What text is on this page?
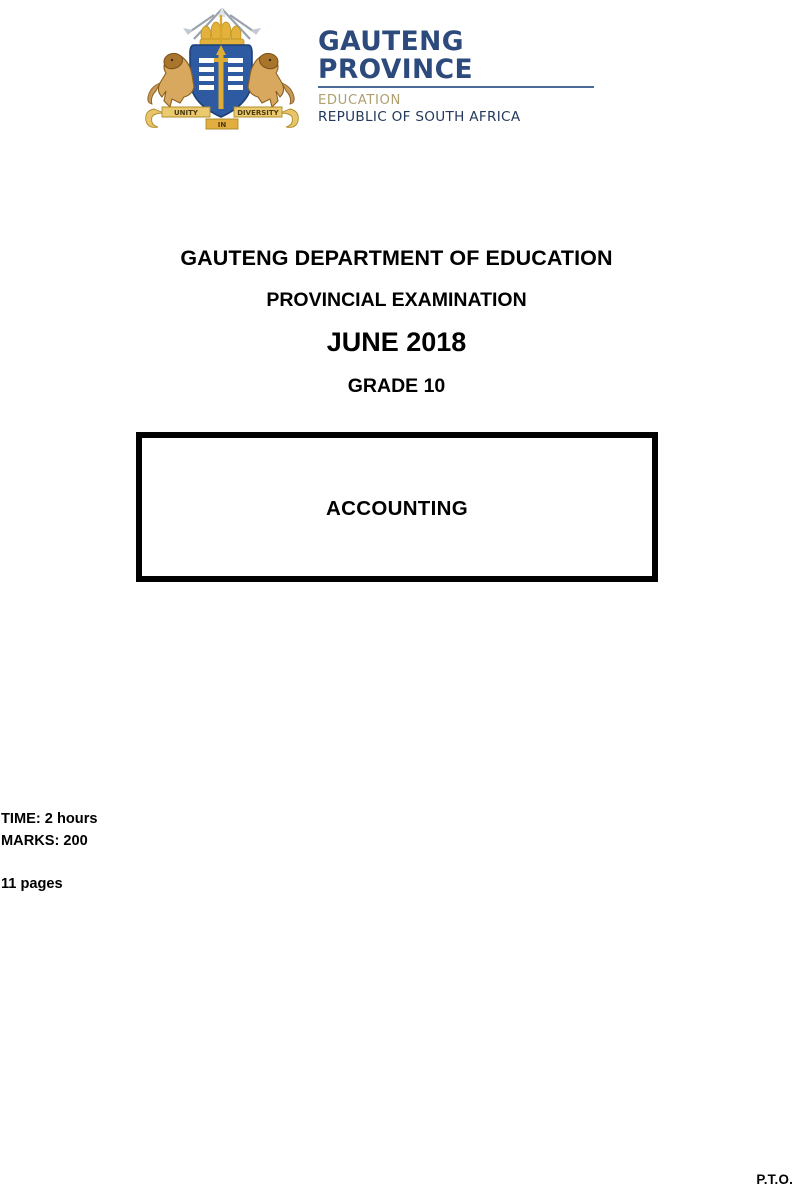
UNITY	DIVERSITY
IN
GAUTENG PROVINCE
EDUCATION
REPUBLIC OF SOUTH AFRICA
GAUTENG DEPARTMENT OF EDUCATION
PROVINCIAL EXAMINATION
JUNE 2018
GRADE 10
ACCOUNTING
TIME: 2 hours
MARKS: 200
11 pages
P.T.O.
